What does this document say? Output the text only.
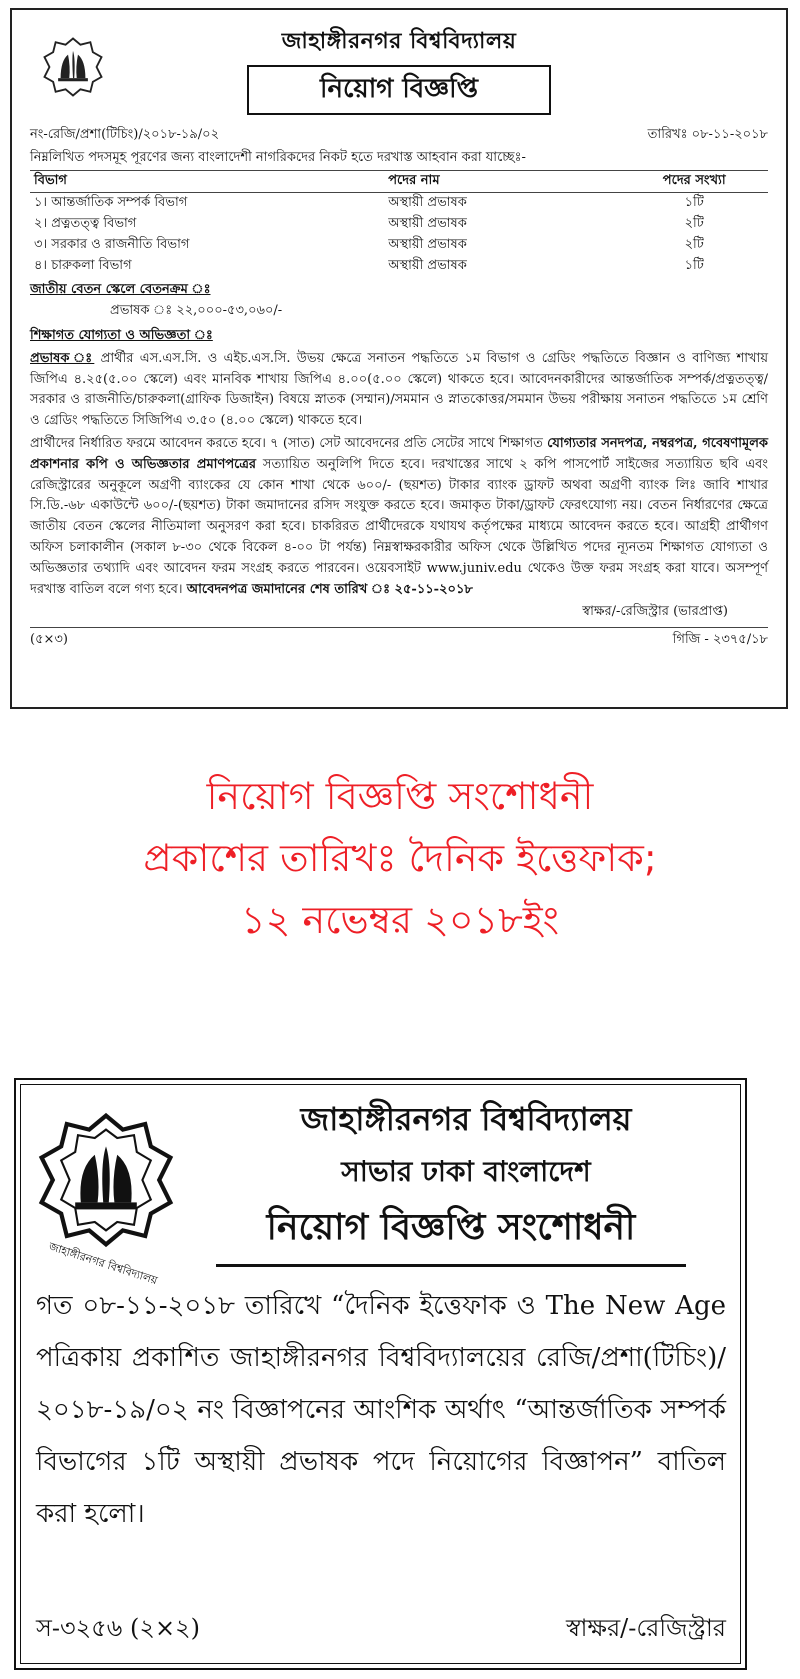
জাহাঙ্গীরনগর বিশ্ববিদ্যালয়
নিয়োগ বিজ্ঞপ্তি
নং-রেজি/প্রশা(টিচিং)/২০১৮-১৯/০২	তারিখঃ ০৮-১১-২০১৮
নিম্নলিখিত পদসমূহ পূরণের জন্য বাংলাদেশী নাগরিকদের নিকট হতে দরখাস্ত আহবান করা যাচ্ছেঃ-
বিভাগ	পদের নাম	পদের সংখ্যা
১। আন্তর্জাতিক সম্পর্ক বিভাগ	অস্থায়ী প্রভাষক	১টি
২। প্রত্নতত্ত্ব বিভাগ	অস্থায়ী প্রভাষক	২টি
৩। সরকার ও রাজনীতি বিভাগ	অস্থায়ী প্রভাষক	২টি
৪। চারুকলা বিভাগ	অস্থায়ী প্রভাষক	১টি
জাতীয় বেতন স্কেলে বেতনক্রম ঃ
প্রভাষক ঃ ২২,০০০-৫৩,০৬০/-
শিক্ষাগত যোগ্যতা ও অভিজ্ঞতা ঃ
প্রভাষক ঃ প্রার্থীর এস.এস.সি. ও এইচ.এস.সি. উভয় ক্ষেত্রে সনাতন পদ্ধতিতে ১ম বিভাগ ও গ্রেডিং পদ্ধতিতে বিজ্ঞান ও বাণিজ্য শাখায় জিপিএ ৪.২৫(৫.০০ স্কেলে) এবং মানবিক শাখায় জিপিএ ৪.০০(৫.০০ স্কেলে) থাকতে হবে। আবেদনকারীদের আন্তর্জাতিক সম্পর্ক/প্রত্নতত্ত্ব/সরকার ও রাজনীতি/চারুকলা(গ্রাফিক ডিজাইন) বিষয়ে স্নাতক (সম্মান)/সমমান ও স্নাতকোত্তর/সমমান উভয় পরীক্ষায় সনাতন পদ্ধতিতে ১ম শ্রেণি ও গ্রেডিং পদ্ধতিতে সিজিপিএ ৩.৫০ (৪.০০ স্কেলে) থাকতে হবে।
প্রার্থীদের নির্ধারিত ফরমে আবেদন করতে হবে। ৭ (সাত) সেট আবেদনের প্রতি সেটের সাথে শিক্ষাগত যোগ্যতার সনদপত্র, নম্বরপত্র, গবেষণামূলক প্রকাশনার কপি ও অভিজ্ঞতার প্রমাণপত্রের সত্যায়িত অনুলিপি দিতে হবে। দরখাস্তের সাথে ২ কপি পাসপোর্ট সাইজের সত্যায়িত ছবি এবং রেজিস্ট্রারের অনুকূলে অগ্রণী ব্যাংকের যে কোন শাখা থেকে ৬০০/- (ছয়শত) টাকার ব্যাংক ড্রাফট অথবা অগ্রণী ব্যাংক লিঃ জাবি শাখার সি.ডি.-৬৮ একাউন্টে ৬০০/-(ছয়শত) টাকা জমাদানের রসিদ সংযুক্ত করতে হবে। জমাকৃত টাকা/ড্রাফট ফেরৎযোগ্য নয়। বেতন নির্ধারণের ক্ষেত্রে জাতীয় বেতন স্কেলের নীতিমালা অনুসরণ করা হবে। চাকরিরত প্রার্থীদেরকে যথাযথ কর্তৃপক্ষের মাধ্যমে আবেদন করতে হবে। আগ্রহী প্রার্থীগণ অফিস চলাকালীন (সকাল ৮-৩০ থেকে বিকেল ৪-০০ টা পর্যন্ত) নিম্নস্বাক্ষরকারীর অফিস থেকে উল্লিখিত পদের ন্যূনতম শিক্ষাগত যোগ্যতা ও অভিজ্ঞতার তথ্যাদি এবং আবেদন ফরম সংগ্রহ করতে পারবেন। ওয়েবসাইট www.juniv.edu থেকেও উক্ত ফরম সংগ্রহ করা যাবে। অসম্পূর্ণ দরখাস্ত বাতিল বলে গণ্য হবে। আবেদনপত্র জমাদানের শেষ তারিখ ঃ ২৫-১১-২০১৮
স্বাক্ষর/-রেজিস্ট্রার (ভারপ্রাপ্ত)
(৫×৩)	গিজি - ২৩৭৫/১৮
নিয়োগ বিজ্ঞপ্তি সংশোধনী
প্রকাশের তারিখঃ দৈনিক ইত্তেফাক;
১২ নভেম্বর ২০১৮ইং
জাহাঙ্গীরনগর বিশ্ববিদ্যালয়
জাহাঙ্গীরনগর বিশ্ববিদ্যালয়
সাভার ঢাকা বাংলাদেশ
নিয়োগ বিজ্ঞপ্তি সংশোধনী
গত ০৮-১১-২০১৮ তারিখে “দৈনিক ইত্তেফাক ও The New Age পত্রিকায় প্রকাশিত জাহাঙ্গীরনগর বিশ্ববিদ্যালয়ের রেজি/প্রশা(টিচিং)/২০১৮-১৯/০২ নং বিজ্ঞাপনের আংশিক অর্থাৎ “আন্তর্জাতিক সম্পর্ক বিভাগের ১টি অস্থায়ী প্রভাষক পদে নিয়োগের বিজ্ঞাপন” বাতিল করা হলো।
স-৩২৫৬ (২×২)	স্বাক্ষর/-রেজিস্ট্রার
